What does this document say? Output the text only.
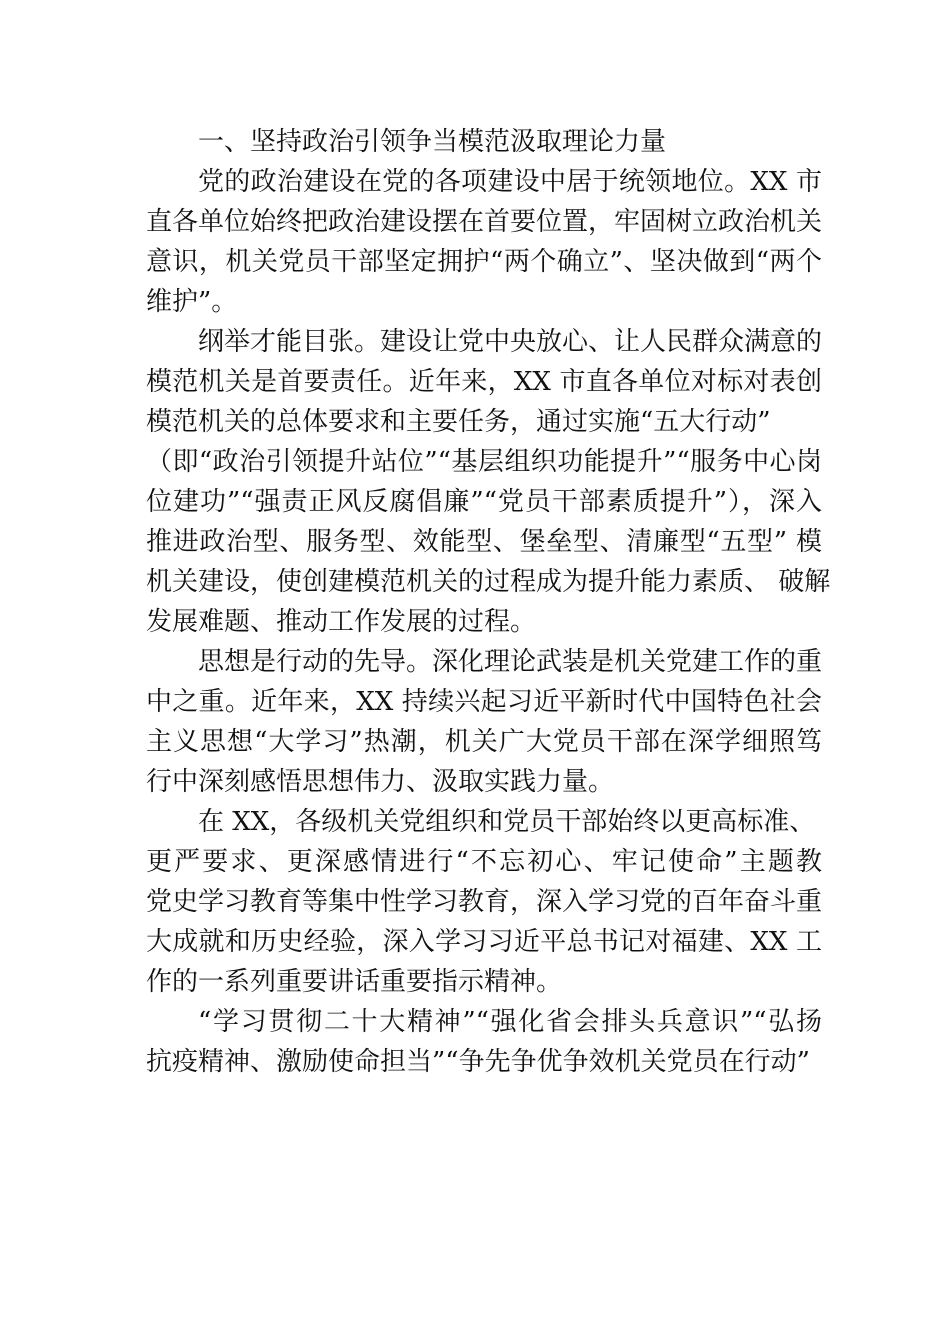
一、坚持政治引领争当模范汲取理论力量
党的政治建设在党的各项建设中居于统领地位。XX 市
直各单位始终把政治建设摆在首要位置，牢固树立政治机关
意识，机关党员干部坚定拥护“两个确立”、坚决做到“两个
维护”。
纲举才能目张。建设让党中央放心、让人民群众满意的
模范机关是首要责任。近年来，XX 市直各单位对标对表创
模范机关的总体要求和主要任务，通过实施“五大行动”
（即“政治引领提升站位”“基层组织功能提升”“服务中心岗
位建功”“强责正风反腐倡廉”“党员干部素质提升”），深入
推进政治型、服务型、效能型、堡垒型、清廉型“五型” 模
机关建设，使创建模范机关的过程成为提升能力素质、 破解
发展难题、推动工作发展的过程。
思想是行动的先导。深化理论武装是机关党建工作的重
中之重。近年来，XX 持续兴起习近平新时代中国特色社会
主义思想“大学习”热潮，机关广大党员干部在深学细照笃
行中深刻感悟思想伟力、汲取实践力量。
在 XX，各级机关党组织和党员干部始终以更高标准、
更严要求、更深感情进行“不忘初心、牢记使命”主题教
党史学习教育等集中性学习教育，深入学习党的百年奋斗重
大成就和历史经验，深入学习习近平总书记对福建、XX 工
作的一系列重要讲话重要指示精神。
“学习贯彻二十大精神”“强化省会排头兵意识”“弘扬
抗疫精神、激励使命担当”“争先争优争效机关党员在行动”
